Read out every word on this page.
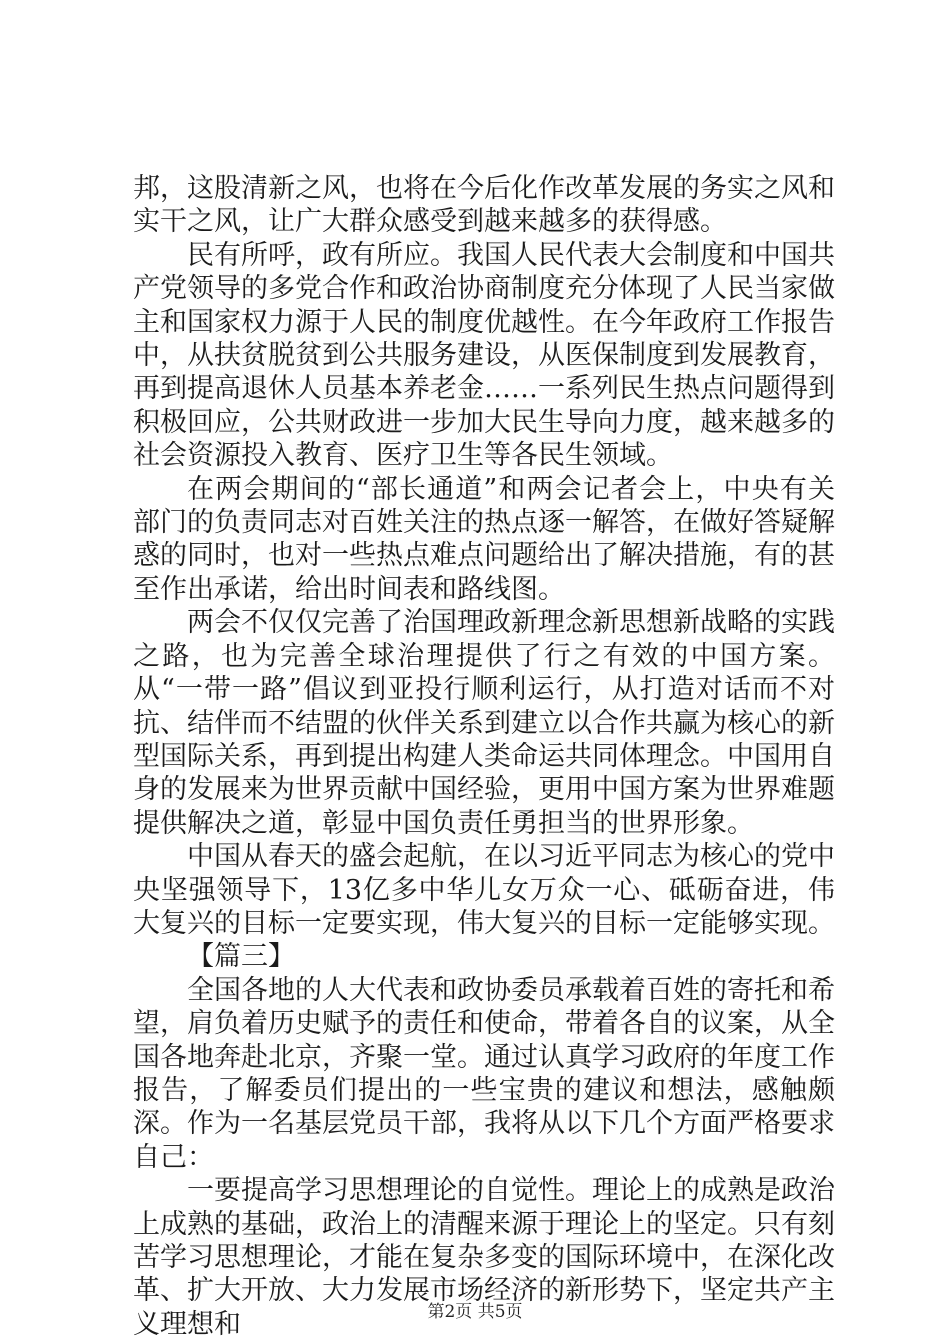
邦，这股清新之风，也将在今后化作改革发展的务实之风和实干之风，让广大群众感受到越来越多的获得感。

民有所呼，政有所应。我国人民代表大会制度和中国共产党领导的多党合作和政治协商制度充分体现了人民当家做主和国家权力源于人民的制度优越性。在今年政府工作报告中，从扶贫脱贫到公共服务建设，从医保制度到发展教育，再到提高退休人员基本养老金……一系列民生热点问题得到积极回应，公共财政进一步加大民生导向力度，越来越多的社会资源投入教育、医疗卫生等各民生领域。

在两会期间的“部长通道”和两会记者会上，中央有关部门的负责同志对百姓关注的热点逐一解答，在做好答疑解惑的同时，也对一些热点难点问题给出了解决措施，有的甚至作出承诺，给出时间表和路线图。

两会不仅仅完善了治国理政新理念新思想新战略的实践之路，也为完善全球治理提供了行之有效的中国方案。从“一带一路”倡议到亚投行顺利运行，从打造对话而不对抗、结伴而不结盟的伙伴关系到建立以合作共赢为核心的新型国际关系，再到提出构建人类命运共同体理念。中国用自身的发展来为世界贡献中国经验，更用中国方案为世界难题提供解决之道，彰显中国负责任勇担当的世界形象。

中国从春天的盛会起航，在以习近平同志为核心的党中央坚强领导下，13亿多中华儿女万众一心、砥砺奋进，伟大复兴的目标一定要实现，伟大复兴的目标一定能够实现。

【篇三】

全国各地的人大代表和政协委员承载着百姓的寄托和希望，肩负着历史赋予的责任和使命，带着各自的议案，从全国各地奔赴北京，齐聚一堂。通过认真学习政府的年度工作报告，了解委员们提出的一些宝贵的建议和想法，感触颇深。作为一名基层党员干部，我将从以下几个方面严格要求自己：

一要提高学习思想理论的自觉性。理论上的成熟是政治上成熟的基础，政治上的清醒来源于理论上的坚定。只有刻苦学习思想理论，才能在复杂多变的国际环境中，在深化改革、扩大开放、大力发展市场经济的新形势下，坚定共产主义理想和	第2页 共5页
